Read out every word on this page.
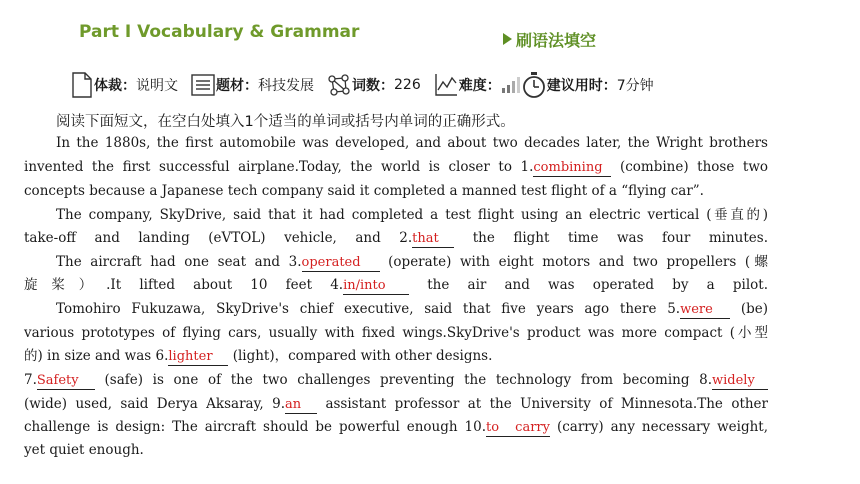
Part Ⅰ Vocabulary & Grammar	刷语法填空
体裁： 说明文	题材： 科技发展	词数： 226	难度：	建议用时： 7分钟
阅读下面短文，在空白处填入1个适当的单词或括号内单词的正确形式。
In the 1880s, the first automobile was developed, and about two decades later, the Wright brothers
invented the first successful airplane.Today, the world is closer to 1.combining (combine) those two
concepts because a Japanese tech company said it completed a manned test flight of a “flying car”.
The company, SkyDrive, said that it had completed a test flight using an electric vertical (垂直的)
take-off and landing (eVTOL) vehicle, and 2.that	the flight time was four minutes.
The aircraft had one seat and 3.operated (operate) with eight motors and two propellers (螺
旋桨）.It lifted about 10 feet 4.in/into	the air and was operated by a pilot.
Tomohiro Fukuzawa, SkyDrive's chief executive, said that five years ago there 5.were (be)
various prototypes of flying cars, usually with fixed wings.SkyDrive's product was more compact (小型
的) in size and was 6.lighter (light)，compared with other designs.
7.Safety (safe) is one of the two challenges preventing the technology from becoming 8.widely
(wide) used, said Derya Aksaray, 9.an assistant professor at the University of Minnesota.The other
challenge is design: The aircraft should be powerful enough 10.to carry (carry) any necessary weight,
yet quiet enough.
